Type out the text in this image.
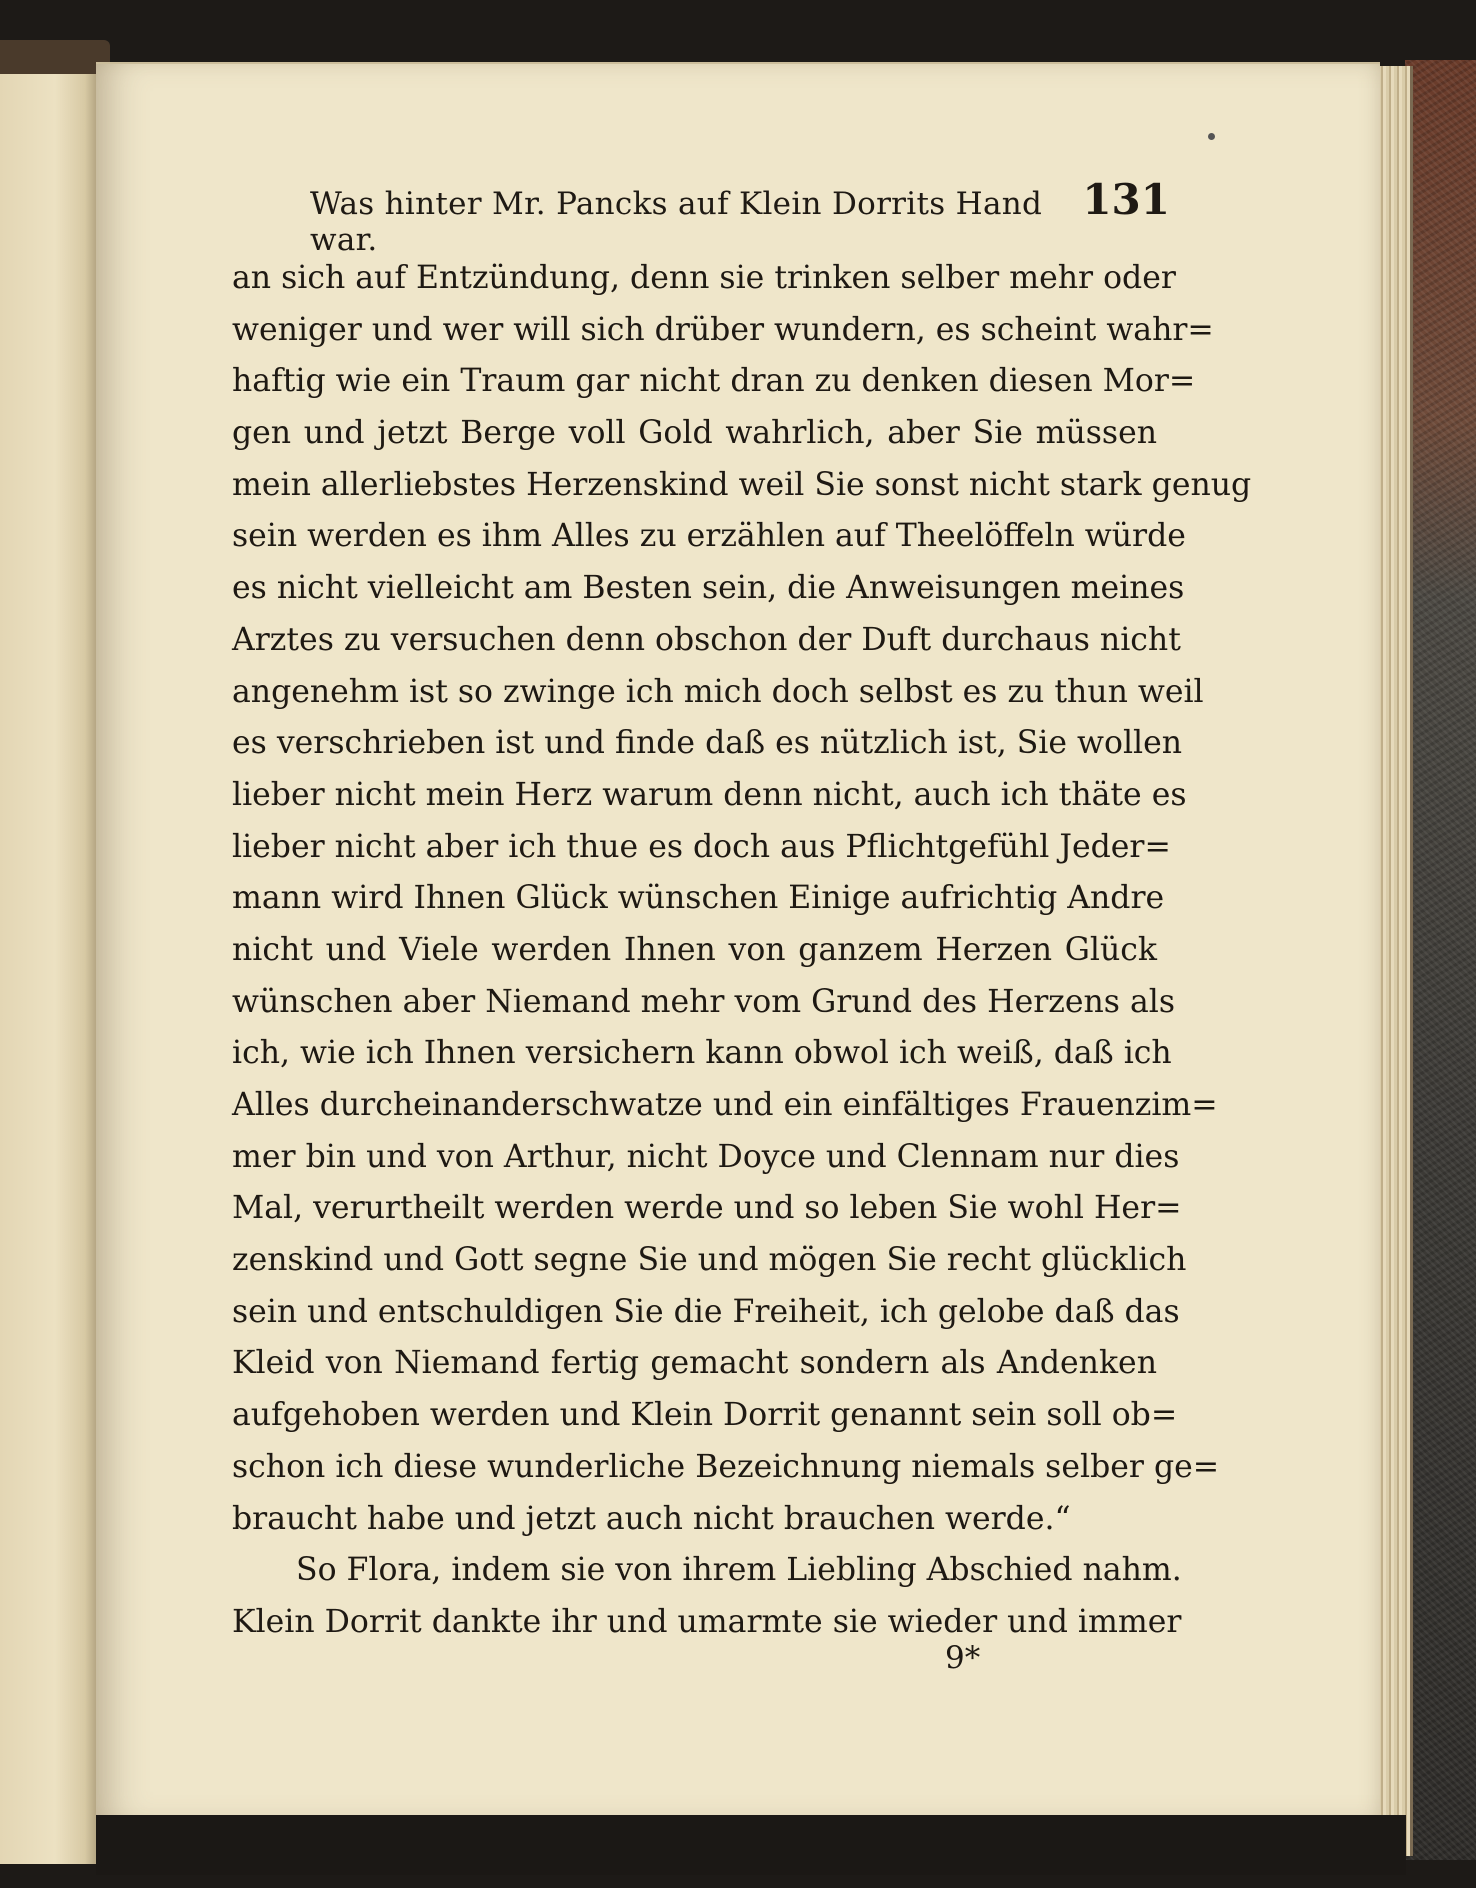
Was hinter Mr. Pancks auf Klein Dorrits Hand war.
131
an sich auf Entzündung, denn sie trinken selber mehr oder
weniger und wer will sich drüber wundern, es scheint wahr=
haftig wie ein Traum gar nicht dran zu denken diesen Mor=
gen und jetzt Berge voll Gold wahrlich, aber Sie müssen
mein allerliebstes Herzenskind weil Sie sonst nicht stark genug
sein werden es ihm Alles zu erzählen auf Theelöffeln würde
es nicht vielleicht am Besten sein, die Anweisungen meines
Arztes zu versuchen denn obschon der Duft durchaus nicht
angenehm ist so zwinge ich mich doch selbst es zu thun weil
es verschrieben ist und finde daß es nützlich ist, Sie wollen
lieber nicht mein Herz warum denn nicht, auch ich thäte es
lieber nicht aber ich thue es doch aus Pflichtgefühl Jeder=
mann wird Ihnen Glück wünschen Einige aufrichtig Andre
nicht und Viele werden Ihnen von ganzem Herzen Glück
wünschen aber Niemand mehr vom Grund des Herzens als
ich, wie ich Ihnen versichern kann obwol ich weiß, daß ich
Alles durcheinanderschwatze und ein einfältiges Frauenzim=
mer bin und von Arthur, nicht Doyce und Clennam nur dies
Mal, verurtheilt werden werde und so leben Sie wohl Her=
zenskind und Gott segne Sie und mögen Sie recht glücklich
sein und entschuldigen Sie die Freiheit, ich gelobe daß das
Kleid von Niemand fertig gemacht sondern als Andenken
aufgehoben werden und Klein Dorrit genannt sein soll ob=
schon ich diese wunderliche Bezeichnung niemals selber ge=
braucht habe und jetzt auch nicht brauchen werde.“
So Flora, indem sie von ihrem Liebling Abschied nahm.
Klein Dorrit dankte ihr und umarmte sie wieder und immer
9*
